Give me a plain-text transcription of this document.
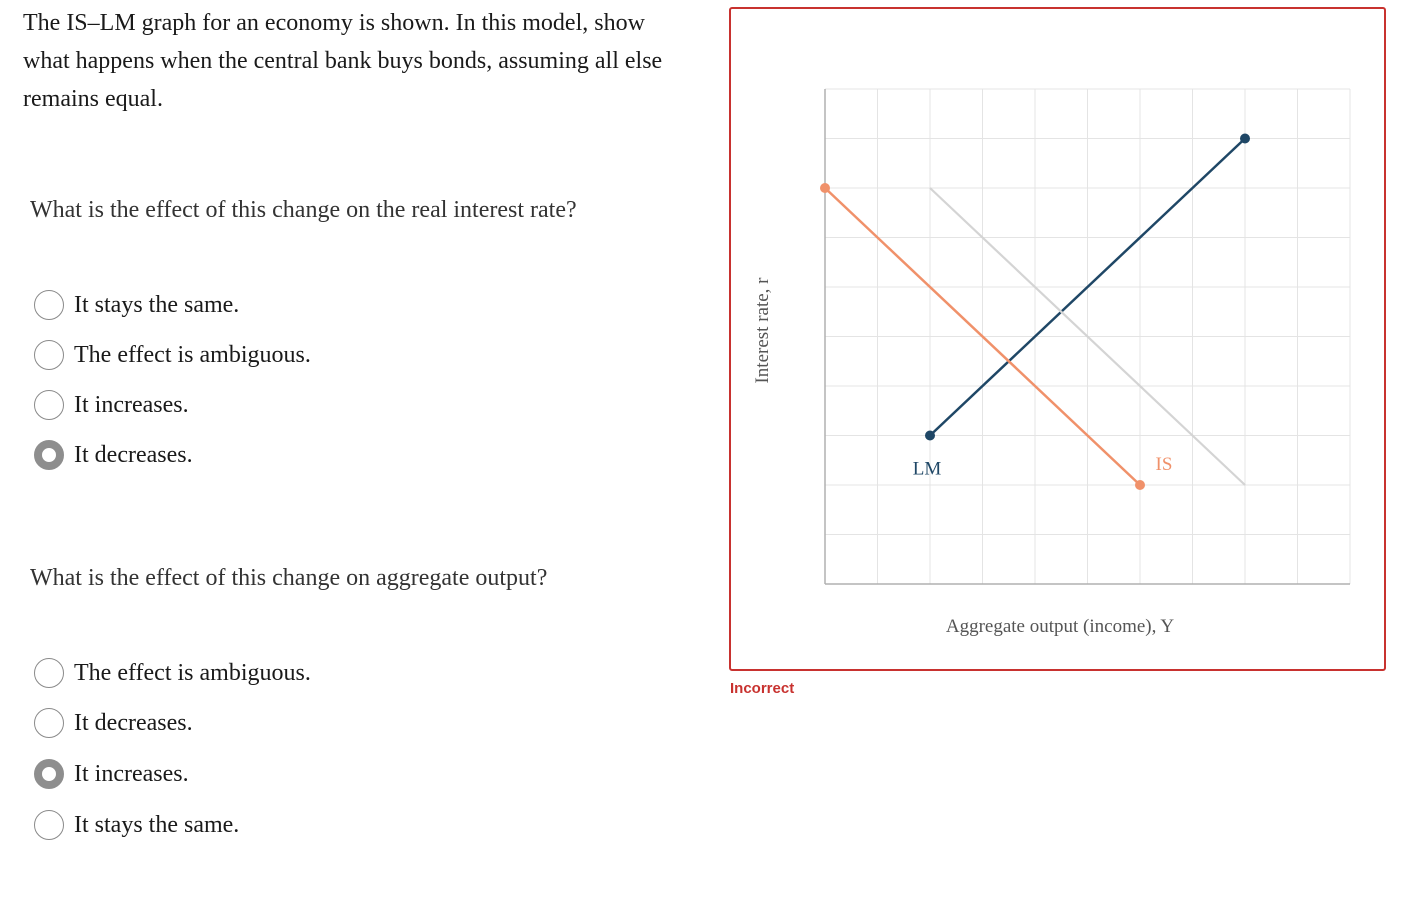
The IS–LM graph for an economy is shown. In this model, show what happens when the central bank buys bonds, assuming all else remains equal.

What is the effect of this change on the real interest rate?

It stays the same.
The effect is ambiguous.
It increases.
It decreases.

What is the effect of this change on aggregate output?

The effect is ambiguous.
It decreases.
It increases.
It stays the same.
Interest rate, r
Aggregate output (income), Y
LM	IS
Incorrect
